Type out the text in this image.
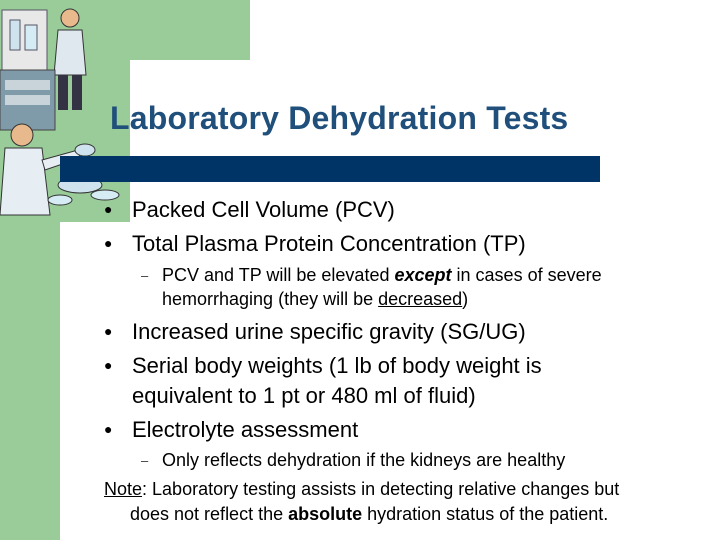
Laboratory Dehydration Tests
● Packed Cell Volume (PCV)
● Total Plasma Protein Concentration (TP)
– PCV and TP will be elevated except in cases of severe
hemorrhaging (they will be decreased)
● Increased urine specific gravity (SG/UG)
● Serial body weights (1 lb of body weight is
equivalent to 1 pt or 480 ml of fluid)
● Electrolyte assessment
– Only reflects dehydration if the kidneys are healthy
Note: Laboratory testing assists in detecting relative changes but
does not reflect the absolute hydration status of the patient.
